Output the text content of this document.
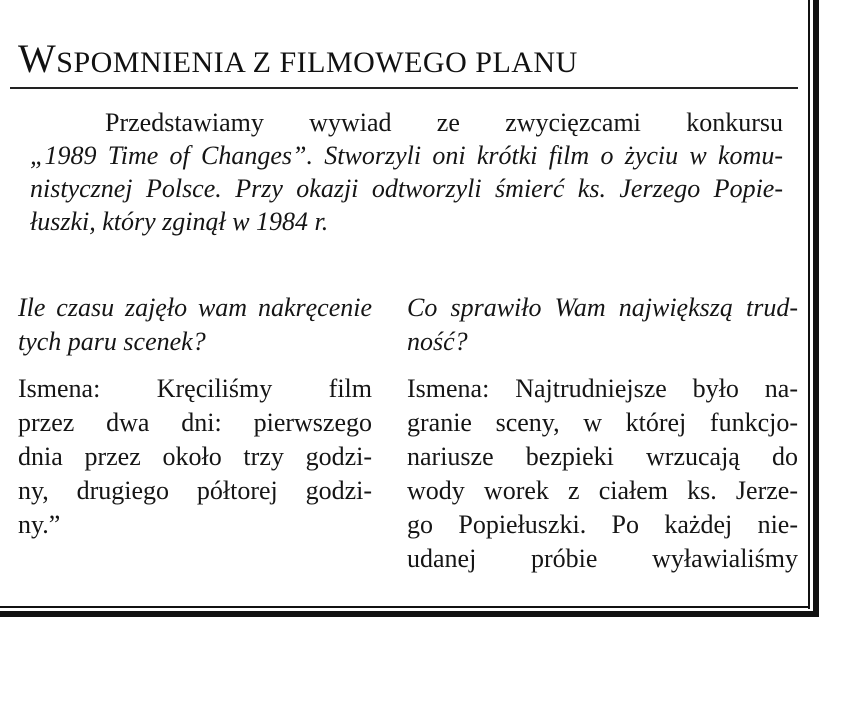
WSPOMNIENIA Z FILMOWEGO PLANU
Przedstawiamy wywiad ze zwycięzcami konkursu
„1989 Time of Changes”. Stworzyli oni krótki film o życiu w komu-
nistycznej Polsce. Przy okazji odtworzyli śmierć ks. Jerzego Popie-
łuszki, który zginął w 1984 r.
Ile czasu zajęło wam nakręcenie
tych paru scenek?
Ismena: Kręciliśmy film
przez dwa dni: pierwszego
dnia przez około trzy godzi-
ny, drugiego półtorej godzi-
ny.”
Co sprawiło Wam największą trud-
ność?
Ismena: Najtrudniejsze było na-
granie sceny, w której funkcjo-
nariusze bezpieki wrzucają do
wody worek z ciałem ks. Jerze-
go Popiełuszki. Po każdej nie-
udanej próbie wyławialiśmy
